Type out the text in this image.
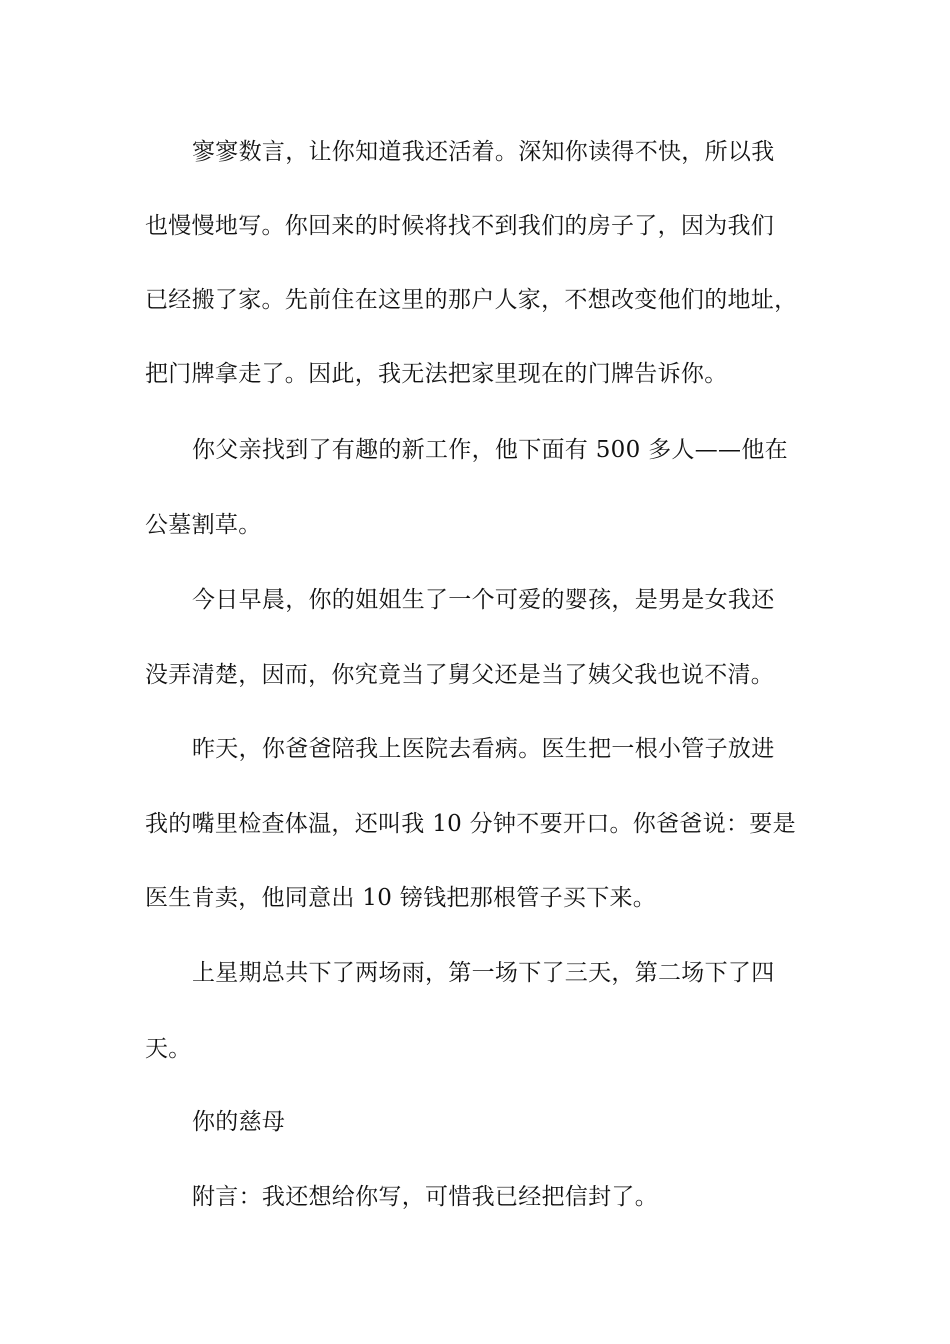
寥寥数言，让你知道我还活着。深知你读得不快，所以我
也慢慢地写。你回来的时候将找不到我们的房子了，因为我们
已经搬了家。先前住在这里的那户人家，不想改变他们的地址，
把门牌拿走了。因此，我无法把家里现在的门牌告诉你。
你父亲找到了有趣的新工作，他下面有 500 多人——他在
公墓割草。
今日早晨，你的姐姐生了一个可爱的婴孩，是男是女我还
没弄清楚，因而，你究竟当了舅父还是当了姨父我也说不清。
昨天，你爸爸陪我上医院去看病。医生把一根小管子放进
我的嘴里检查体温，还叫我 10 分钟不要开口。你爸爸说：要是
医生肯卖，他同意出 10 镑钱把那根管子买下来。
上星期总共下了两场雨，第一场下了三天，第二场下了四
天。
你的慈母
附言：我还想给你写，可惜我已经把信封了。
